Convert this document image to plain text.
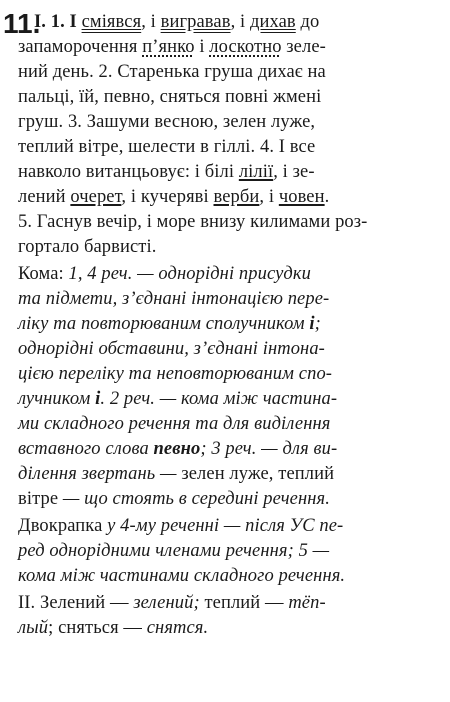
11.
I. 1. І сміявся, і вигравав, і дихав до
запаморочення п’янко і лоскотно зеле-
ний день. 2. Старенька груша дихає на
пальці, їй, певно, сняться повні жмені
груш. 3. Зашуми весною, зелен луже,
теплий вітре, шелести в гіллі. 4. І все
навколо витанцьовує: і білі лілії, і зе-
лений очерет, і кучеряві верби, і човен.
5. Гаснув вечір, і море внизу килимами роз-
гортало барвисті.
Кома: 1, 4 реч. — однорідні присудки
та підмети, з’єднані інтонацією пере-
ліку та повторюваним сполучником і;
однорідні обставини, з’єднані інтона-
цією переліку та неповторюваним спо-
лучником і. 2 реч. — кома між частина-
ми складного речення та для виділення
вставного слова певно; 3 реч. — для ви-
ділення звертань — зелен луже, теплий
вітре — що стоять в середині речення.
Двокрапка у 4-му реченні — після УС пе-
ред однорідними членами речення; 5 —
кома між частинами складного речення.
II. Зелений — зелений; теплий — тёп-
лый; сняться — снятся.
